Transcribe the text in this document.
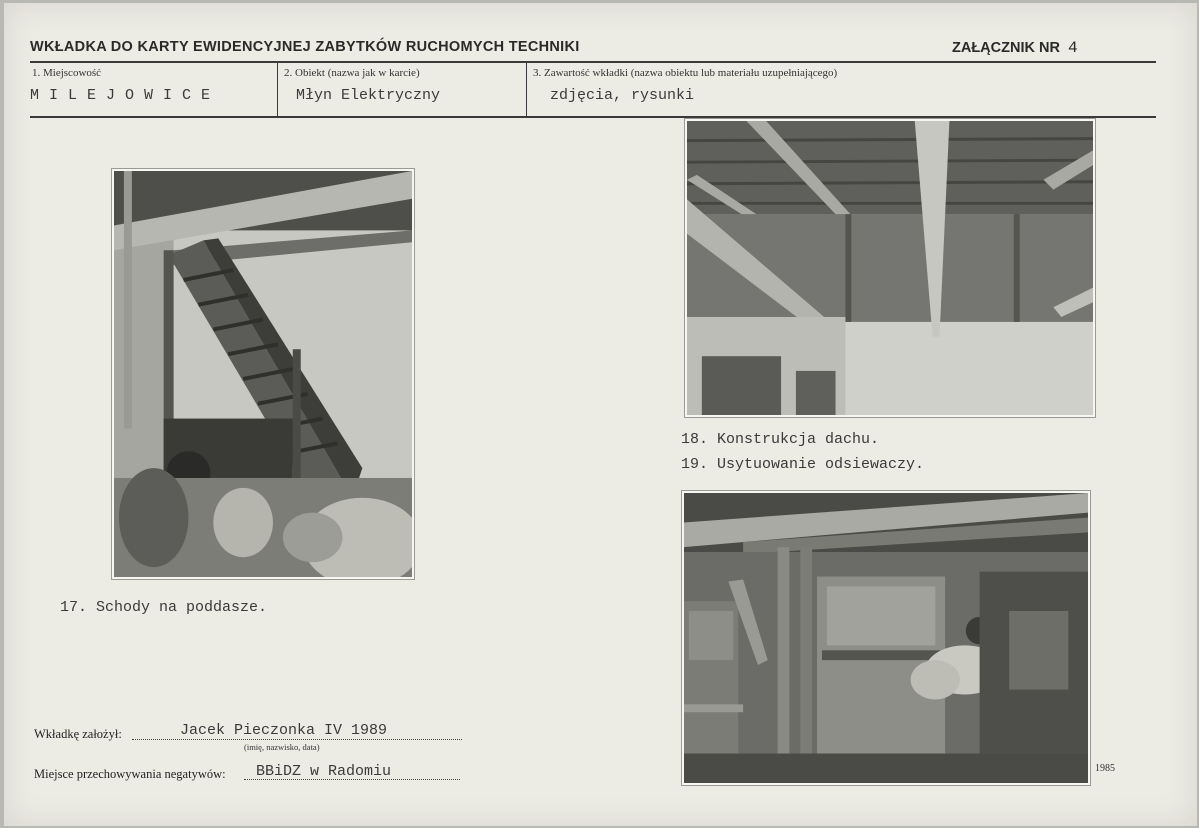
WKŁADKA DO KARTY EWIDENCYJNEJ ZABYTKÓW RUCHOMYCH TECHNIKI	ZAŁĄCZNIK NR 4
1. Miejscowość	2. Obiekt (nazwa jak w karcie)	3. Zawartość wkładki (nazwa obiektu lub materiału uzupełniającego)
MILEJOWICE	Młyn Elektryczny	zdjęcia, rysunki
17. Schody na poddasze.
18. Konstrukcja dachu.
19. Usytuowanie odsiewaczy.
Wkładkę założył:	Jacek Pieczonka IV 1989
(imię, nazwisko, data)
Miejsce przechowywania negatywów: BBiDZ w Radomiu	1985
